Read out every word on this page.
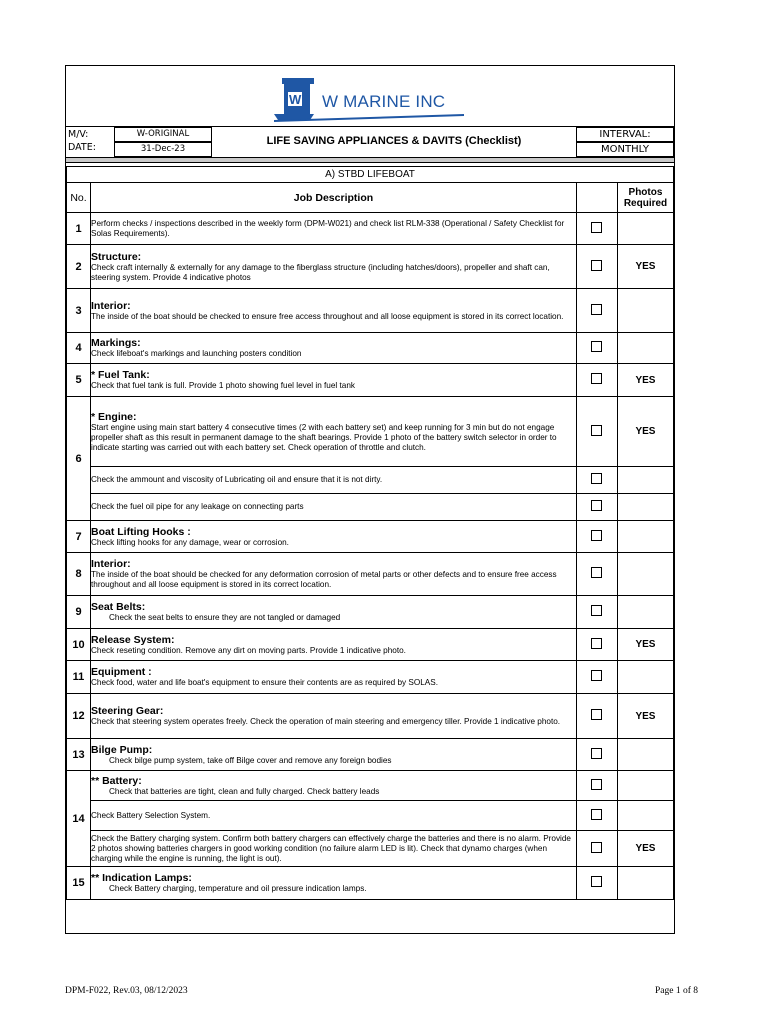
W W MARINE INC
M/V:
DATE:
W-ORIGINAL
31-Dec-23
LIFE SAVING APPLIANCES & DAVITS (Checklist)
INTERVAL:
MONTHLY
A) STBD LIFEBOAT			
No.	Job Description		Photos Required
1	Perform checks / inspections described in the weekly form (DPM-W021) and check list RLM-338 (Operational / Safety Checklist for Solas Requirements).		

2	Structure:
Check craft internally & externally for any damage to the fiberglass structure (including hatches/doors), propeller and shaft can, steering system. Provide 4 indicative photos		YES
3	Interior:
The inside of the boat should be checked to ensure free access throughout and all loose equipment is stored in its correct location.		

4	Markings:
Check lifeboat's markings and launching posters condition		

5	* Fuel Tank:
Check that fuel tank is full. Provide 1 photo showing fuel level in fuel tank		YES
6	* Engine:
Start engine using main start battery 4 consecutive times (2 with each battery set) and keep running for 3 min but do not engage propeller shaft as this result in permanent damage to the shaft bearings. Provide 1 photo of the battery switch selector in order to indicate starting was carried out with each battery set. Check operation of throttle and clutch.		YES
	Check the ammount and viscosity of Lubricating oil and ensure that it is not dirty.		
	Check the fuel oil pipe for any leakage on connecting parts		
7	Boat Lifting Hooks :
Check lifting hooks for any damage, wear or corrosion.		

8	Interior:
The inside of the boat should be checked for any deformation corrosion of metal parts or other defects and to ensure free access throughout and all loose equipment is stored in its correct location.		

9	Seat Belts:
Check the seat belts to ensure they are not tangled or damaged		

10	Release System:
Check reseting condition. Remove any dirt on moving parts. Provide 1 indicative photo.		YES
11	Equipment :
Check food, water and life boat's equipment to ensure their contents are as required by SOLAS.		

12	Steering Gear:
Check that steering system operates freely. Check the operation of main steering and emergency tiller. Provide 1 indicative photo.		YES
13	Bilge Pump:
Check bilge pump system, take off Bilge cover and remove any foreign bodies		

14	** Battery:
Check that batteries are tight, clean and fully charged. Check battery leads		

	Check Battery Selection System.		
	Check the Battery charging system. Confirm both battery chargers can effectively charge the batteries and there is no alarm. Provide 2 photos showing batteries chargers in good working condition (no failure alarm LED is lit). Check that dynamo charges (when charging while the engine is running, the light is out).		YES
15	** Indication Lamps:
Check Battery charging, temperature and oil pressure indication lamps.		

DPM-F022, Rev.03, 08/12/2023	Page 1 of 8
